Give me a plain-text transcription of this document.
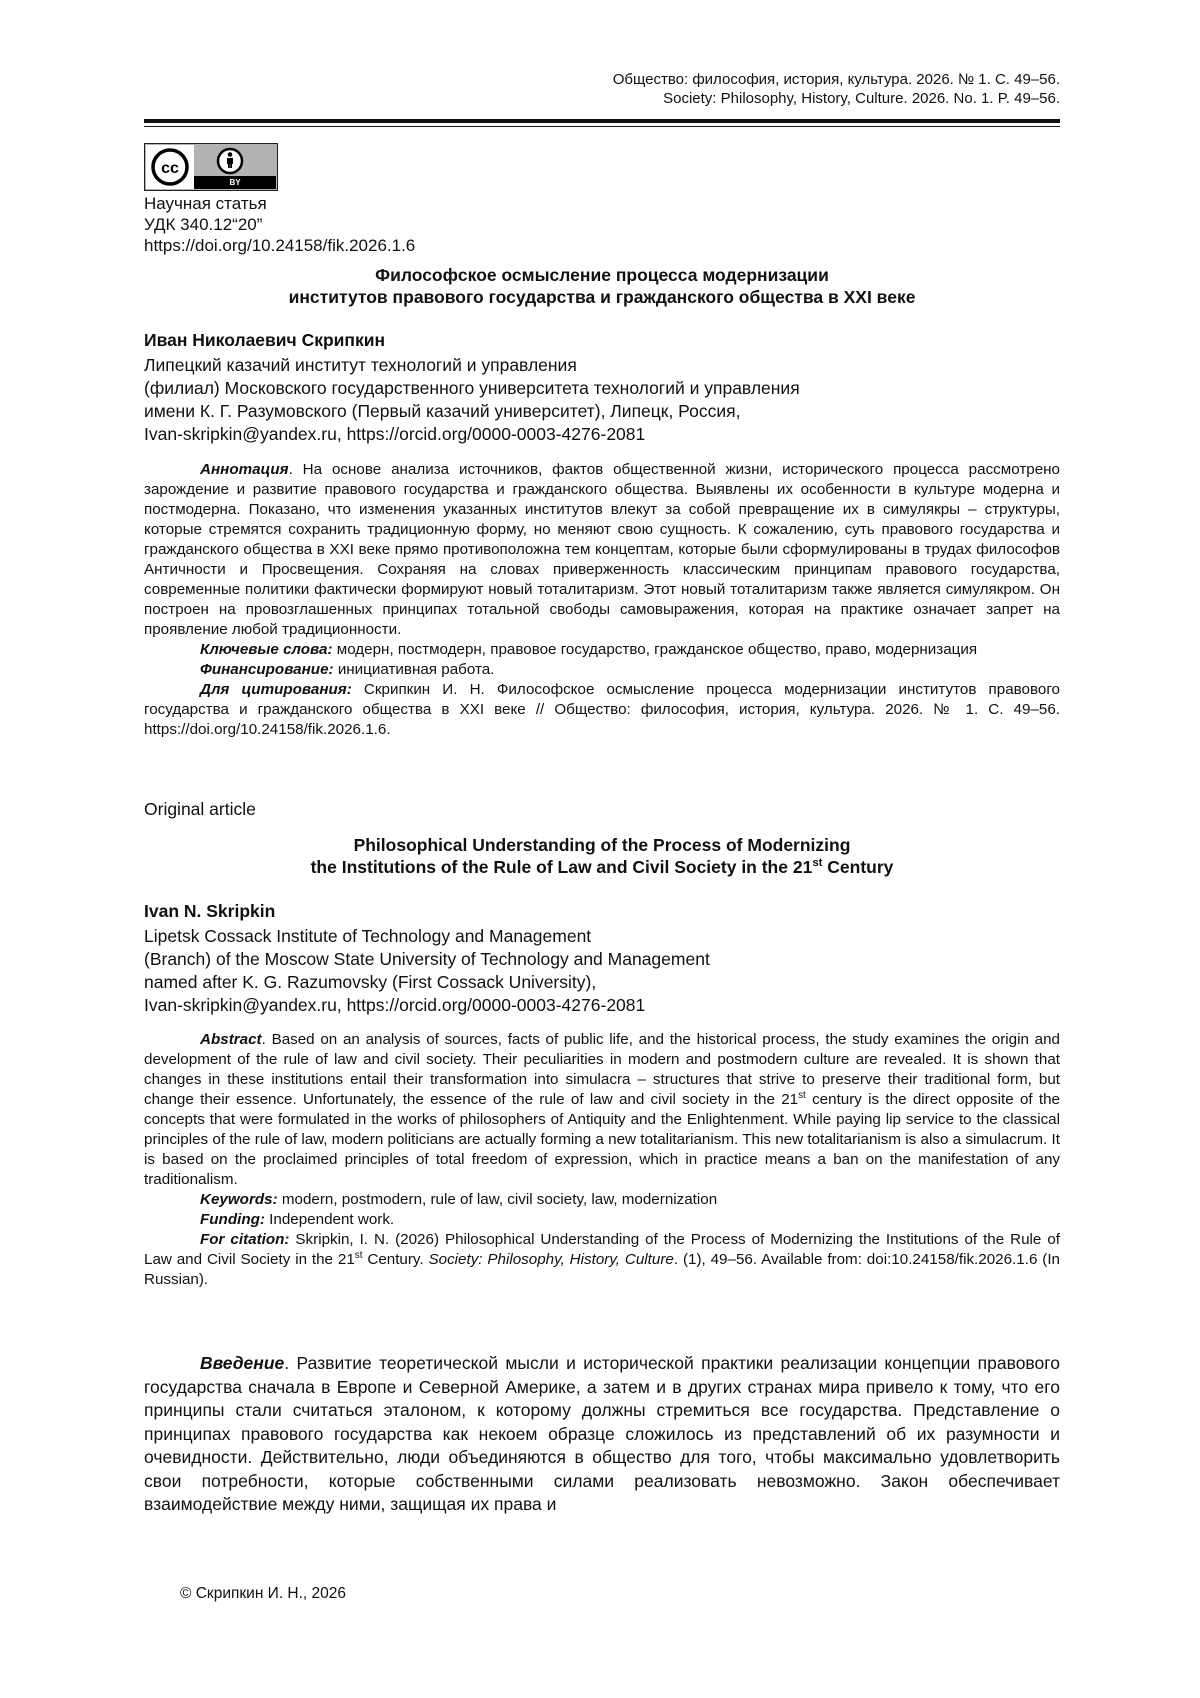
Общество: философия, история, культура. 2026. № 1. С. 49–56.
Society: Philosophy, History, Culture. 2026. No. 1. P. 49–56.
cc
BY
Научная статья
УДК 340.12“20”
https://doi.org/10.24158/fik.2026.1.6
Философское осмысление процесса модернизации
институтов правового государства и гражданского общества в XXI веке
Иван Николаевич Скрипкин
Липецкий казачий институт технологий и управления
(филиал) Московского государственного университета технологий и управления
имени К. Г. Разумовского (Первый казачий университет), Липецк, Россия,
Ivan-skripkin@yandex.ru, https://orcid.org/0000-0003-4276-2081

Аннотация. На основе анализа источников, фактов общественной жизни, исторического процесса рассмотрено зарождение и развитие правового государства и гражданского общества. Выявлены их особенности в культуре модерна и постмодерна. Показано, что изменения указанных институтов влекут за собой превращение их в симулякры – структуры, которые стремятся сохранить традиционную форму, но меняют свою сущность. К сожалению, суть правового государства и гражданского общества в XXI веке прямо противоположна тем концептам, которые были сформулированы в трудах философов Античности и Просвещения. Сохраняя на словах приверженность классическим принципам правового государства, современные политики фактически формируют новый тоталитаризм. Этот новый тоталитаризм также является симулякром. Он построен на провозглашенных принципах тотальной свободы самовыражения, которая на практике означает запрет на проявление любой традиционности.

Ключевые слова: модерн, постмодерн, правовое государство, гражданское общество, право, модернизация

Финансирование: инициативная работа.

Для цитирования: Скрипкин И. Н. Философское осмысление процесса модернизации институтов правового государства и гражданского общества в XXI веке // Общество: философия, история, культура. 2026. № 1. С. 49–56. https://doi.org/10.24158/fik.2026.1.6.

Original article
Philosophical Understanding of the Process of Modernizing
the Institutions of the Rule of Law and Civil Society in the 21st Century
Ivan N. Skripkin
Lipetsk Cossack Institute of Technology and Management
(Branch) of the Moscow State University of Technology and Management
named after K. G. Razumovsky (First Cossack University),
Ivan-skripkin@yandex.ru, https://orcid.org/0000-0003-4276-2081

Abstract. Based on an analysis of sources, facts of public life, and the historical process, the study examines the origin and development of the rule of law and civil society. Their peculiarities in modern and postmodern culture are revealed. It is shown that changes in these institutions entail their transformation into simulacra – structures that strive to preserve their traditional form, but change their essence. Unfortunately, the essence of the rule of law and civil society in the 21st century is the direct opposite of the concepts that were formulated in the works of philosophers of Antiquity and the Enlightenment. While paying lip service to the classical principles of the rule of law, modern politicians are actually forming a new totalitarianism. This new totalitarianism is also a simulacrum. It is based on the proclaimed principles of total freedom of expression, which in practice means a ban on the manifestation of any traditionalism.

Keywords: modern, postmodern, rule of law, civil society, law, modernization

Funding: Independent work.

For citation: Skripkin, I. N. (2026) Philosophical Understanding of the Process of Modernizing the Institutions of the Rule of Law and Civil Society in the 21st Century. Society: Philosophy, History, Culture. (1), 49–56. Available from: doi:10.24158/fik.2026.1.6 (In Russian).

Введение. Развитие теоретической мысли и исторической практики реализации концепции правового государства сначала в Европе и Северной Америке, а затем и в других странах мира привело к тому, что его принципы стали считаться эталоном, к которому должны стремиться все государства. Представление о принципах правового государства как некоем образце сложилось из представлений об их разумности и очевидности. Действительно, люди объединяются в общество для того, чтобы максимально удовлетворить свои потребности, которые собственными силами реализовать невозможно. Закон обеспечивает взаимодействие между ними, защищая их права и

© Скрипкин И. Н., 2026
